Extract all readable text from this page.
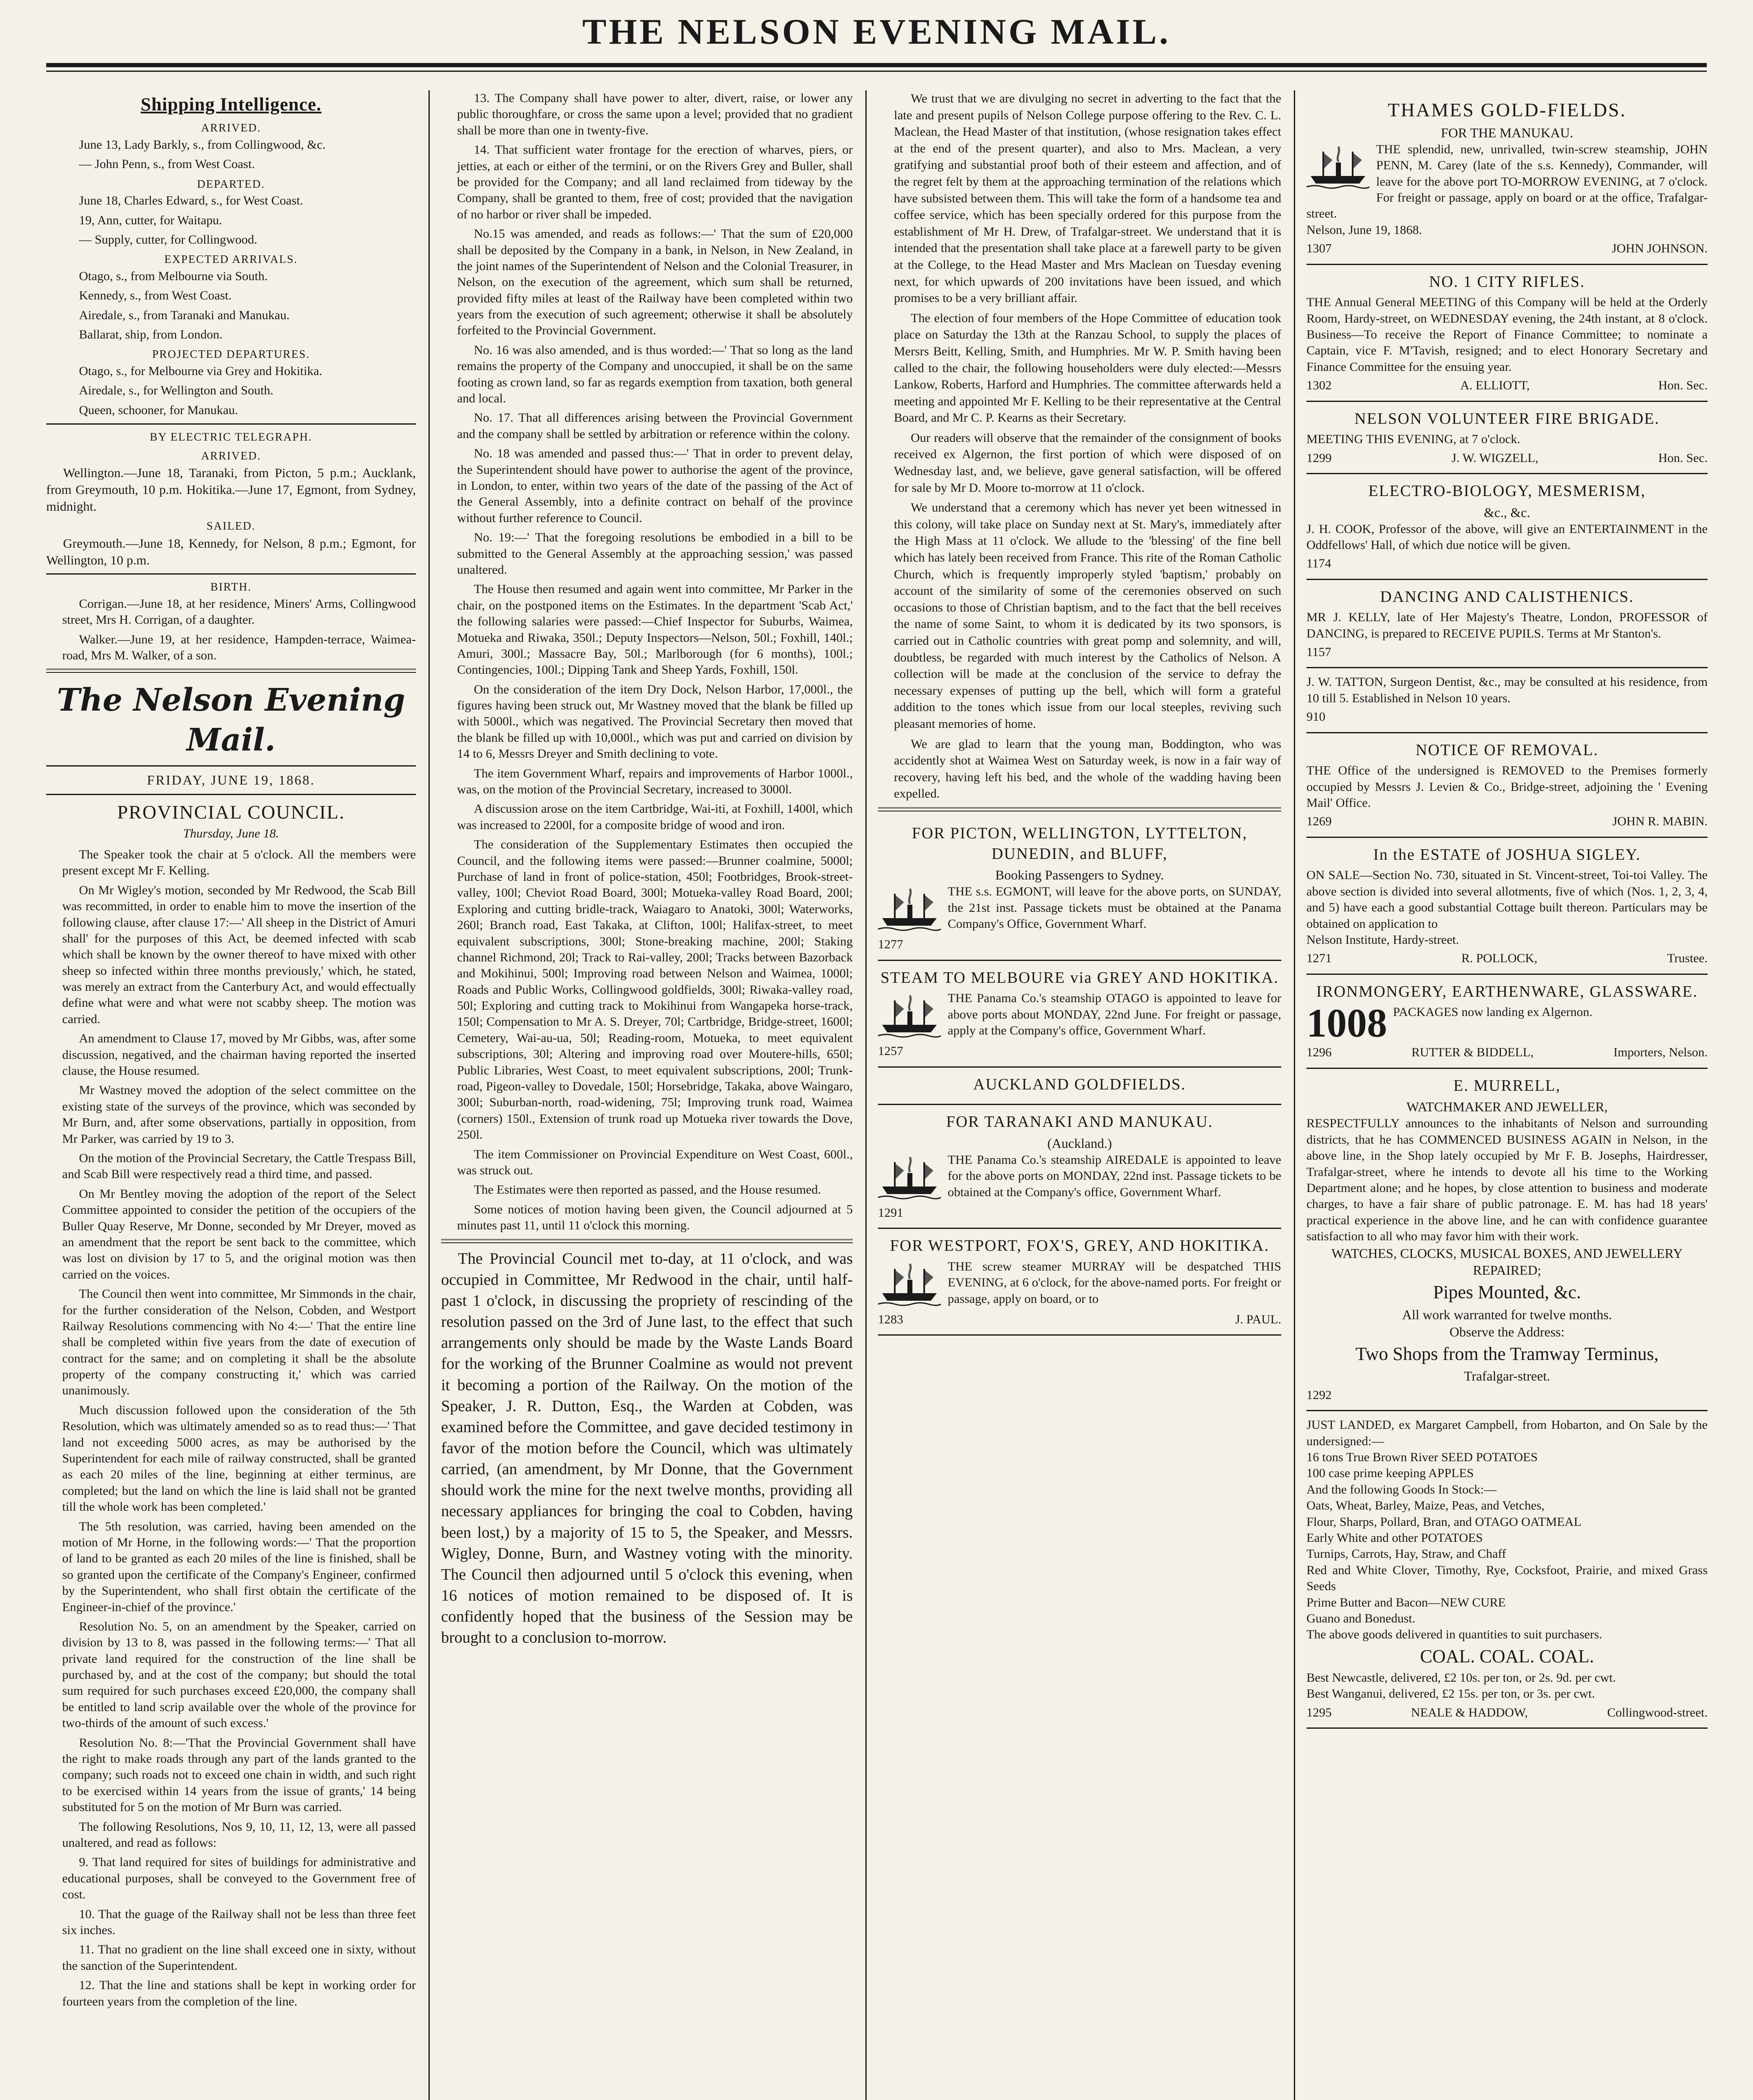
THE NELSON EVENING MAIL.
Shipping Intelligence.
ARRIVED.

June 13, Lady Barkly, s., from Collingwood, &c.

— John Penn, s., from West Coast.

DEPARTED.

June 18, Charles Edward, s., for West Coast.

19, Ann, cutter, for Waitapu.

— Supply, cutter, for Collingwood.

EXPECTED ARRIVALS.

Otago, s., from Melbourne via South.

Kennedy, s., from West Coast.

Airedale, s., from Taranaki and Manukau.

Ballarat, ship, from London.

PROJECTED DEPARTURES.

Otago, s., for Melbourne via Grey and Hokitika.

Airedale, s., for Wellington and South.

Queen, schooner, for Manukau.

BY ELECTRIC TELEGRAPH.
ARRIVED.

Wellington.—June 18, Taranaki, from Picton, 5 p.m.; Aucklank, from Greymouth, 10 p.m. Hokitika.—June 17, Egmont, from Sydney, midnight.

SAILED.

Greymouth.—June 18, Kennedy, for Nelson, 8 p.m.; Egmont, for Wellington, 10 p.m.

BIRTH.

Corrigan.—June 18, at her residence, Miners' Arms, Collingwood street, Mrs H. Corrigan, of a daughter.

Walker.—June 19, at her residence, Hampden-terrace, Waimea-road, Mrs M. Walker, of a son.

The Nelson Evening Mail.
FRIDAY, JUNE 19, 1868.
PROVINCIAL COUNCIL.
Thursday, June 18.

The Speaker took the chair at 5 o'clock. All the members were present except Mr F. Kelling.

On Mr Wigley's motion, seconded by Mr Redwood, the Scab Bill was recommitted, in order to enable him to move the insertion of the following clause, after clause 17:—' All sheep in the District of Amuri shall' for the purposes of this Act, be deemed infected with scab which shall be known by the owner thereof to have mixed with other sheep so infected within three months previously,' which, he stated, was merely an extract from the Canterbury Act, and would effectually define what were and what were not scabby sheep. The motion was carried.

An amendment to Clause 17, moved by Mr Gibbs, was, after some discussion, negatived, and the chairman having reported the inserted clause, the House resumed.

Mr Wastney moved the adoption of the select committee on the existing state of the surveys of the province, which was seconded by Mr Burn, and, after some observations, partially in opposition, from Mr Parker, was carried by 19 to 3.

On the motion of the Provincial Secretary, the Cattle Trespass Bill, and Scab Bill were respectively read a third time, and passed.

On Mr Bentley moving the adoption of the report of the Select Committee appointed to consider the petition of the occupiers of the Buller Quay Reserve, Mr Donne, seconded by Mr Dreyer, moved as an amendment that the report be sent back to the committee, which was lost on division by 17 to 5, and the original motion was then carried on the voices.

The Council then went into committee, Mr Simmonds in the chair, for the further consideration of the Nelson, Cobden, and Westport Railway Resolutions commencing with No 4:—' That the entire line shall be completed within five years from the date of execution of contract for the same; and on completing it shall be the absolute property of the company constructing it,' which was carried unanimously.

Much discussion followed upon the consideration of the 5th Resolution, which was ultimately amended so as to read thus:—' That land not exceeding 5000 acres, as may be authorised by the Superintendent for each mile of railway constructed, shall be granted as each 20 miles of the line, beginning at either terminus, are completed; but the land on which the line is laid shall not be granted till the whole work has been completed.'

The 5th resolution, was carried, having been amended on the motion of Mr Horne, in the following words:—' That the proportion of land to be granted as each 20 miles of the line is finished, shall be so granted upon the certificate of the Company's Engineer, confirmed by the Superintendent, who shall first obtain the certificate of the Engineer-in-chief of the province.'

Resolution No. 5, on an amendment by the Speaker, carried on division by 13 to 8, was passed in the following terms:—' That all private land required for the construction of the line shall be purchased by, and at the cost of the company; but should the total sum required for such purchases exceed £20,000, the company shall be entitled to land scrip available over the whole of the province for two-thirds of the amount of such excess.'

Resolution No. 8:—'That the Provincial Government shall have the right to make roads through any part of the lands granted to the company; such roads not to exceed one chain in width, and such right to be exercised within 14 years from the issue of grants,' 14 being substituted for 5 on the motion of Mr Burn was carried.

The following Resolutions, Nos 9, 10, 11, 12, 13, were all passed unaltered, and read as follows:

9. That land required for sites of buildings for administrative and educational purposes, shall be conveyed to the Government free of cost.

10. That the guage of the Railway shall not be less than three feet six inches.

11. That no gradient on the line shall exceed one in sixty, without the sanction of the Superintendent.

12. That the line and stations shall be kept in working order for fourteen years from the completion of the line.

13. The Company shall have power to alter, divert, raise, or lower any public thoroughfare, or cross the same upon a level; provided that no gradient shall be more than one in twenty-five.

14. That sufficient water frontage for the erection of wharves, piers, or jetties, at each or either of the termini, or on the Rivers Grey and Buller, shall be provided for the Company; and all land reclaimed from tideway by the Company, shall be granted to them, free of cost; provided that the navigation of no harbor or river shall be impeded.

No.15 was amended, and reads as follows:—' That the sum of £20,000 shall be deposited by the Company in a bank, in Nelson, in New Zealand, in the joint names of the Superintendent of Nelson and the Colonial Treasurer, in Nelson, on the execution of the agreement, which sum shall be returned, provided fifty miles at least of the Railway have been completed within two years from the execution of such agreement; otherwise it shall be absolutely forfeited to the Provincial Government.

No. 16 was also amended, and is thus worded:—' That so long as the land remains the property of the Company and unoccupied, it shall be on the same footing as crown land, so far as regards exemption from taxation, both general and local.

No. 17. That all differences arising between the Provincial Government and the company shall be settled by arbitration or reference within the colony.

No. 18 was amended and passed thus:—' That in order to prevent delay, the Superintendent should have power to authorise the agent of the province, in London, to enter, within two years of the date of the passing of the Act of the General Assembly, into a definite contract on behalf of the province without further reference to Council.

No. 19:—' That the foregoing resolutions be embodied in a bill to be submitted to the General Assembly at the approaching session,' was passed unaltered.

The House then resumed and again went into committee, Mr Parker in the chair, on the postponed items on the Estimates. In the department 'Scab Act,' the following salaries were passed:—Chief Inspector for Suburbs, Waimea, Motueka and Riwaka, 350l.; Deputy Inspectors—Nelson, 50l.; Foxhill, 140l.; Amuri, 300l.; Massacre Bay, 50l.; Marlborough (for 6 months), 100l.; Contingencies, 100l.; Dipping Tank and Sheep Yards, Foxhill, 150l.

On the consideration of the item Dry Dock, Nelson Harbor, 17,000l., the figures having been struck out, Mr Wastney moved that the blank be filled up with 5000l., which was negatived. The Provincial Secretary then moved that the blank be filled up with 10,000l., which was put and carried on division by 14 to 6, Messrs Dreyer and Smith declining to vote.

The item Government Wharf, repairs and improvements of Harbor 1000l., was, on the motion of the Provincial Secretary, increased to 3000l.

A discussion arose on the item Cartbridge, Wai-iti, at Foxhill, 1400l, which was increased to 2200l, for a composite bridge of wood and iron.

The consideration of the Supplementary Estimates then occupied the Council, and the following items were passed:—Brunner coalmine, 5000l; Purchase of land in front of police-station, 450l; Footbridges, Brook-street-valley, 100l; Cheviot Road Board, 300l; Motueka-valley Road Board, 200l; Exploring and cutting bridle-track, Waiagaro to Anatoki, 300l; Waterworks, 260l; Branch road, East Takaka, at Clifton, 100l; Halifax-street, to meet equivalent subscriptions, 300l; Stone-breaking machine, 200l; Staking channel Richmond, 20l; Track to Rai-valley, 200l; Tracks between Bazorback and Mokihinui, 500l; Improving road between Nelson and Waimea, 1000l; Roads and Public Works, Collingwood goldfields, 300l; Riwaka-valley road, 50l; Exploring and cutting track to Mokihinui from Wangapeka horse-track, 150l; Compensation to Mr A. S. Dreyer, 70l; Cartbridge, Bridge-street, 1600l; Cemetery, Wai-au-ua, 50l; Reading-room, Motueka, to meet equivalent subscriptions, 30l; Altering and improving road over Moutere-hills, 650l; Public Libraries, West Coast, to meet equivalent subscriptions, 200l; Trunk-road, Pigeon-valley to Dovedale, 150l; Horsebridge, Takaka, above Waingaro, 300l; Suburban-north, road-widening, 75l; Improving trunk road, Waimea (corners) 150l., Extension of trunk road up Motueka river towards the Dove, 250l.

The item Commissioner on Provincial Expenditure on West Coast, 600l., was struck out.

The Estimates were then reported as passed, and the House resumed.

Some notices of motion having been given, the Council adjourned at 5 minutes past 11, until 11 o'clock this morning.

The Provincial Council met to-day, at 11 o'clock, and was occupied in Committee, Mr Redwood in the chair, until half-past 1 o'clock, in discussing the propriety of rescinding of the resolution passed on the 3rd of June last, to the effect that such arrangements only should be made by the Waste Lands Board for the working of the Brunner Coalmine as would not prevent it becoming a portion of the Railway. On the motion of the Speaker, J. R. Dutton, Esq., the Warden at Cobden, was examined before the Committee, and gave decided testimony in favor of the motion before the Council, which was ultimately carried, (an amendment, by Mr Donne, that the Government should work the mine for the next twelve months, providing all necessary appliances for bringing the coal to Cobden, having been lost,) by a majority of 15 to 5, the Speaker, and Messrs. Wigley, Donne, Burn, and Wastney voting with the minority. The Council then adjourned until 5 o'clock this evening, when 16 notices of motion remained to be disposed of. It is confidently hoped that the business of the Session may be brought to a conclusion to-morrow.

We trust that we are divulging no secret in adverting to the fact that the late and present pupils of Nelson College purpose offering to the Rev. C. L. Maclean, the Head Master of that institution, (whose resignation takes effect at the end of the present quarter), and also to Mrs. Maclean, a very gratifying and substantial proof both of their esteem and affection, and of the regret felt by them at the approaching termination of the relations which have subsisted between them. This will take the form of a handsome tea and coffee service, which has been specially ordered for this purpose from the establishment of Mr H. Drew, of Trafalgar-street. We understand that it is intended that the presentation shall take place at a farewell party to be given at the College, to the Head Master and Mrs Maclean on Tuesday evening next, for which upwards of 200 invitations have been issued, and which promises to be a very brilliant affair.

The election of four members of the Hope Committee of education took place on Saturday the 13th at the Ranzau School, to supply the places of Mersrs Beitt, Kelling, Smith, and Humphries. Mr W. P. Smith having been called to the chair, the following householders were duly elected:—Messrs Lankow, Roberts, Harford and Humphries. The committee afterwards held a meeting and appointed Mr F. Kelling to be their representative at the Central Board, and Mr C. P. Kearns as their Secretary.

Our readers will observe that the remainder of the consignment of books received ex Algernon, the first portion of which were disposed of on Wednesday last, and, we believe, gave general satisfaction, will be offered for sale by Mr D. Moore to-morrow at 11 o'clock.

We understand that a ceremony which has never yet been witnessed in this colony, will take place on Sunday next at St. Mary's, immediately after the High Mass at 11 o'clock. We allude to the 'blessing' of the fine bell which has lately been received from France. This rite of the Roman Catholic Church, which is frequently improperly styled 'baptism,' probably on account of the similarity of some of the ceremonies observed on such occasions to those of Christian baptism, and to the fact that the bell receives the name of some Saint, to whom it is dedicated by its two sponsors, is carried out in Catholic countries with great pomp and solemnity, and will, doubtless, be regarded with much interest by the Catholics of Nelson. A collection will be made at the conclusion of the service to defray the necessary expenses of putting up the bell, which will form a grateful addition to the tones which issue from our local steeples, reviving such pleasant memories of home.

We are glad to learn that the young man, Boddington, who was accidently shot at Waimea West on Saturday week, is now in a fair way of recovery, having left his bed, and the whole of the wadding having been expelled.

FOR PICTON, WELLINGTON, LYTTELTON, DUNEDIN, and BLUFF,
Booking Passengers to Sydney.
THE s.s. EGMONT, will leave for the above ports, on SUNDAY, the 21st inst. Passage tickets must be obtained at the Panama Company's Office, Government Wharf.
1277
STEAM TO MELBOURE via GREY AND HOKITIKA.
THE Panama Co.'s steamship OTAGO is appointed to leave for above ports about MONDAY, 22nd June. For freight or passage, apply at the Company's office, Government Wharf.
1257
AUCKLAND GOLDFIELDS.
FOR TARANAKI AND MANUKAU.
(Auckland.)
THE Panama Co.'s steamship AIREDALE is appointed to leave for the above ports on MONDAY, 22nd inst. Passage tickets to be obtained at the Company's office, Government Wharf.
1291
FOR WESTPORT, FOX'S, GREY, AND HOKITIKA.
THE screw steamer MURRAY will be despatched THIS EVENING, at 6 o'clock, for the above-named ports. For freight or passage, apply on board, or to
1283	J. PAUL.
THAMES GOLD-FIELDS.
FOR THE MANUKAU.
THE splendid, new, unrivalled, twin-screw steamship, JOHN PENN, M. Carey (late of the s.s. Kennedy), Commander, will leave for the above port TO-MORROW EVENING, at 7 o'clock. For freight or passage, apply on board or at the office, Trafalgar-street.
Nelson, June 19, 1868.
1307	JOHN JOHNSON.
NO. 1 CITY RIFLES.
THE Annual General MEETING of this Company will be held at the Orderly Room, Hardy-street, on WEDNESDAY evening, the 24th instant, at 8 o'clock. Business—To receive the Report of Finance Committee; to nominate a Captain, vice F. M'Tavish, resigned; and to elect Honorary Secretary and Finance Committee for the ensuing year.
1302	A. ELLIOTT,	Hon. Sec.
NELSON VOLUNTEER FIRE BRIGADE.
MEETING THIS EVENING, at 7 o'clock.
1299	J. W. WIGZELL,	Hon. Sec.
ELECTRO-BIOLOGY, MESMERISM,
&c., &c.
J. H. COOK, Professor of the above, will give an ENTERTAINMENT in the Oddfellows' Hall, of which due notice will be given.
1174
DANCING AND CALISTHENICS.
MR J. KELLY, late of Her Majesty's Theatre, London, PROFESSOR of DANCING, is prepared to RECEIVE PUPILS. Terms at Mr Stanton's.
1157
J. W. TATTON, Surgeon Dentist, &c., may be consulted at his residence, from 10 till 5. Established in Nelson 10 years.
910
NOTICE OF REMOVAL.
THE Office of the undersigned is REMOVED to the Premises formerly occupied by Messrs J. Levien & Co., Bridge-street, adjoining the ' Evening Mail' Office.
1269	JOHN R. MABIN.
In the ESTATE of JOSHUA SIGLEY.
ON SALE—Section No. 730, situated in St. Vincent-street, Toi-toi Valley. The above section is divided into several allotments, five of which (Nos. 1, 2, 3, 4, and 5) have each a good substantial Cottage built thereon. Particulars may be obtained on application to
Nelson Institute, Hardy-street.
1271	R. POLLOCK,	Trustee.
IRONMONGERY, EARTHENWARE, GLASSWARE.
1008 PACKAGES now landing ex Algernon.
1296	RUTTER & BIDDELL,	Importers, Nelson.
E. MURRELL,
WATCHMAKER AND JEWELLER,
RESPECTFULLY announces to the inhabitants of Nelson and surrounding districts, that he has COMMENCED BUSINESS AGAIN in Nelson, in the above line, in the Shop lately occupied by Mr F. B. Josephs, Hairdresser, Trafalgar-street, where he intends to devote all his time to the Working Department alone; and he hopes, by close attention to business and moderate charges, to have a fair share of public patronage. E. M. has had 18 years' practical experience in the above line, and he can with confidence guarantee satisfaction to all who may favor him with their work.
WATCHES, CLOCKS, MUSICAL BOXES, AND JEWELLERY REPAIRED;
Pipes Mounted, &c.
All work warranted for twelve months.
Observe the Address:
Two Shops from the Tramway Terminus,
Trafalgar-street.
1292
JUST LANDED, ex Margaret Campbell, from Hobarton, and On Sale by the undersigned:—
16 tons True Brown River SEED POTATOES
100 case prime keeping APPLES
And the following Goods In Stock:—
Oats, Wheat, Barley, Maize, Peas, and Vetches,
Flour, Sharps, Pollard, Bran, and OTAGO OATMEAL
Early White and other POTATOES
Turnips, Carrots, Hay, Straw, and Chaff
Red and White Clover, Timothy, Rye, Cocksfoot, Prairie, and mixed Grass Seeds
Prime Butter and Bacon—NEW CURE
Guano and Bonedust.
The above goods delivered in quantities to suit purchasers.
COAL. COAL. COAL.
Best Newcastle, delivered, £2 10s. per ton, or 2s. 9d. per cwt.
Best Wanganui, delivered, £2 15s. per ton, or 3s. per cwt.
1295	NEALE & HADDOW,	Collingwood-street.
